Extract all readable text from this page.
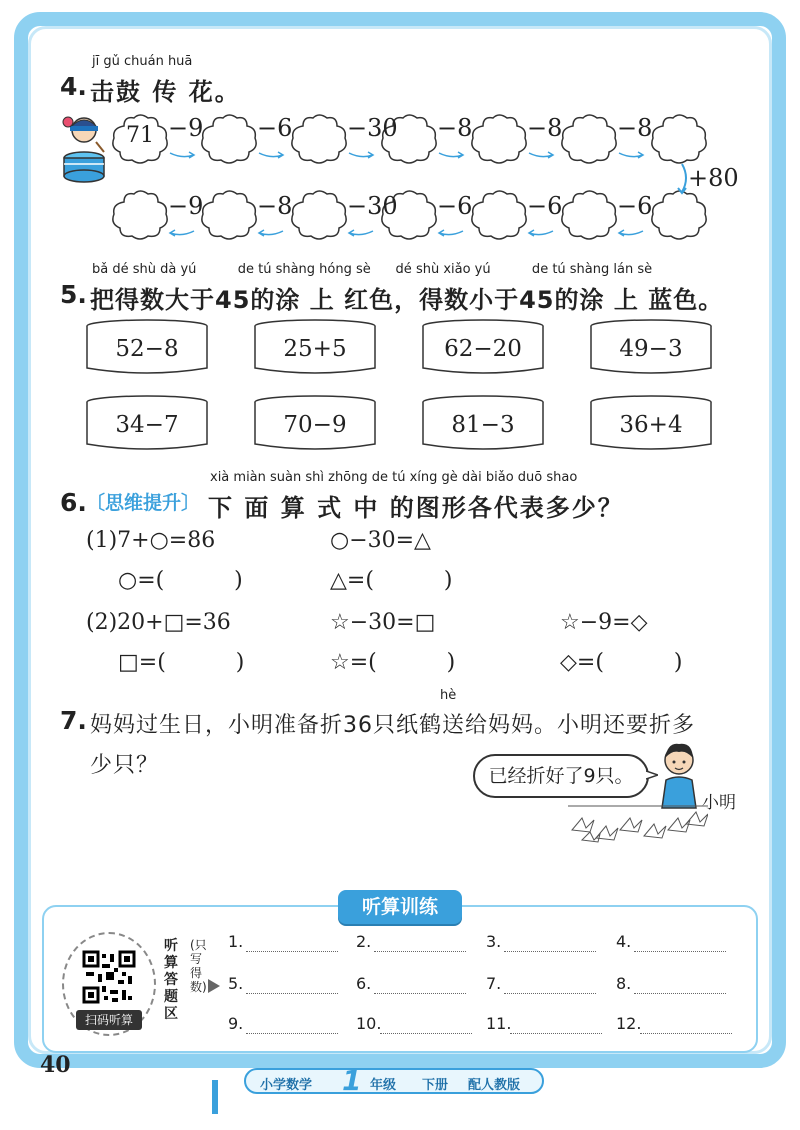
jī gǔ chuán huā
4. 击鼓 传 花。
71 −9 −6 −30 −8 −8 −8
−9 −8 −30 −6 −6 −6
+80
bǎ dé shù dà yú          de tú shàng hóng sè      dé shù xiǎo yú          de tú shàng lán sè
5. 把得数大于45的涂 上 红色，得数小于45的涂 上 蓝色。
52−8	25+5	62−20	49−3
34−7	70−9	81−3	36+4
xià miàn suàn shì zhōng de tú xíng gè dài biǎo duō shao
6. 〔思维提升〕 下 面 算 式 中 的图形各代表多少？
(1)7+○=86	○−30=△
○=(          )	△=(          )
(2)20+□=36	☆−30=□	☆−9=◇
□=(          )	☆=(          )	◇=(          )
hè
7. 妈妈过生日，小明准备折36只纸鹤送给妈妈。小明还要折多
少只？	已经折好了9只。
小明
听算训练
扫码听算
听算答题区
(只写得数)
1.	2.	3.	4.
5.	6.	7.	8.
9.	10.	11.	12.
40
小学数学 1 年级 下册 配人教版
